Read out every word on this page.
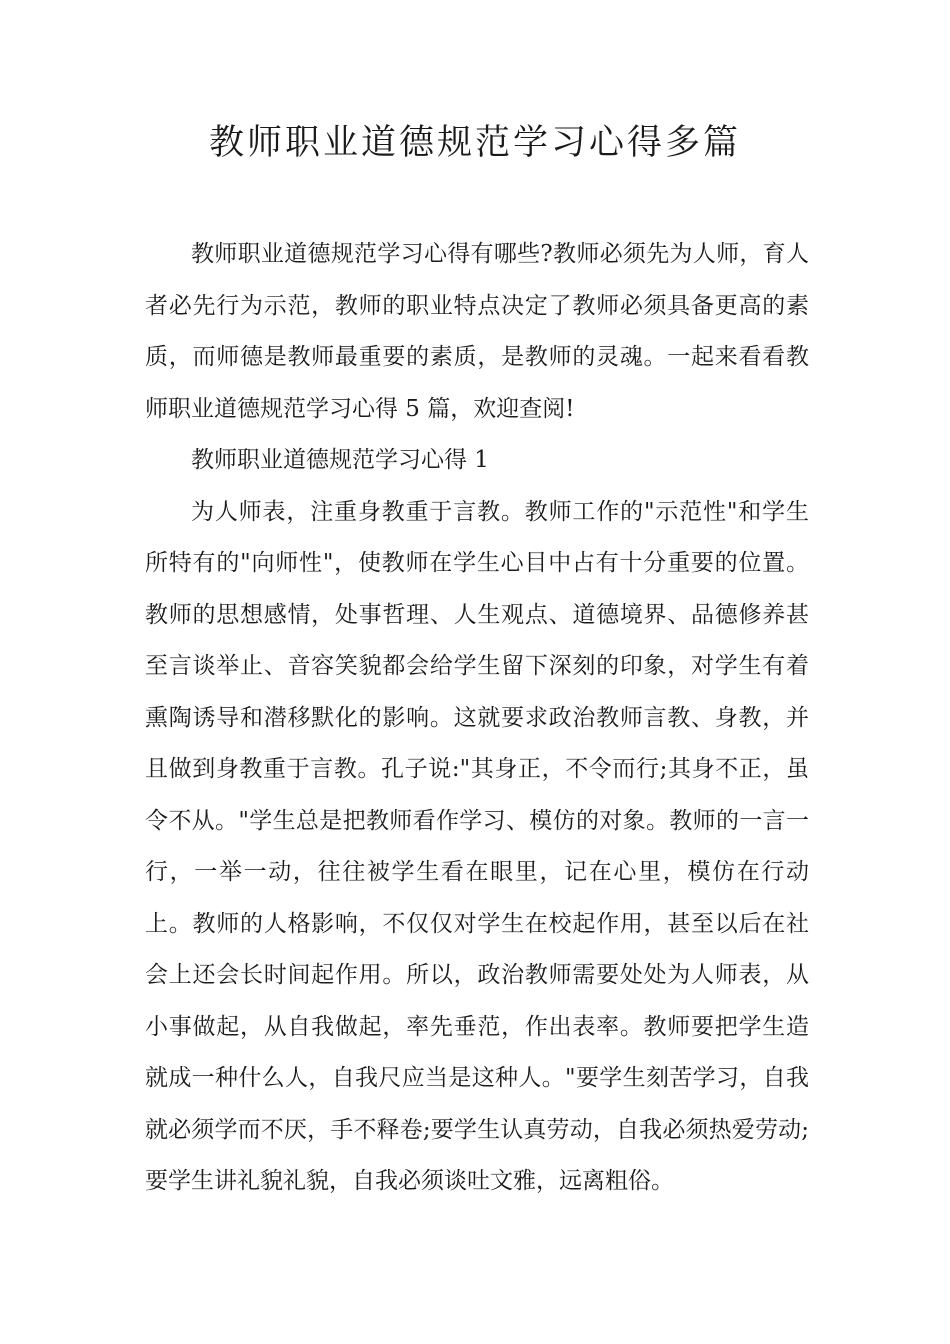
教师职业道德规范学习心得多篇

教师职业道德规范学习心得有哪些?教师必须先为人师，育人者必先行为示范，教师的职业特点决定了教师必须具备更高的素质，而师德是教师最重要的素质，是教师的灵魂。一起来看看教师职业道德规范学习心得 5 篇，欢迎查阅!

教师职业道德规范学习心得 1

为人师表，注重身教重于言教。教师工作的"示范性"和学生所特有的"向师性"，使教师在学生心目中占有十分重要的位置。教师的思想感情，处事哲理、人生观点、道德境界、品德修养甚至言谈举止、音容笑貌都会给学生留下深刻的印象，对学生有着熏陶诱导和潜移默化的影响。这就要求政治教师言教、身教，并且做到身教重于言教。孔子说:"其身正，不令而行;其身不正，虽令不从。"学生总是把教师看作学习、模仿的对象。教师的一言一行，一举一动，往往被学生看在眼里，记在心里，模仿在行动上。教师的人格影响，不仅仅对学生在校起作用，甚至以后在社会上还会长时间起作用。所以，政治教师需要处处为人师表，从小事做起，从自我做起，率先垂范，作出表率。教师要把学生造就成一种什么人，自我尺应当是这种人。"要学生刻苦学习，自我就必须学而不厌，手不释卷;要学生认真劳动，自我必须热爱劳动;要学生讲礼貌礼貌，自我必须谈吐文雅，远离粗俗。
